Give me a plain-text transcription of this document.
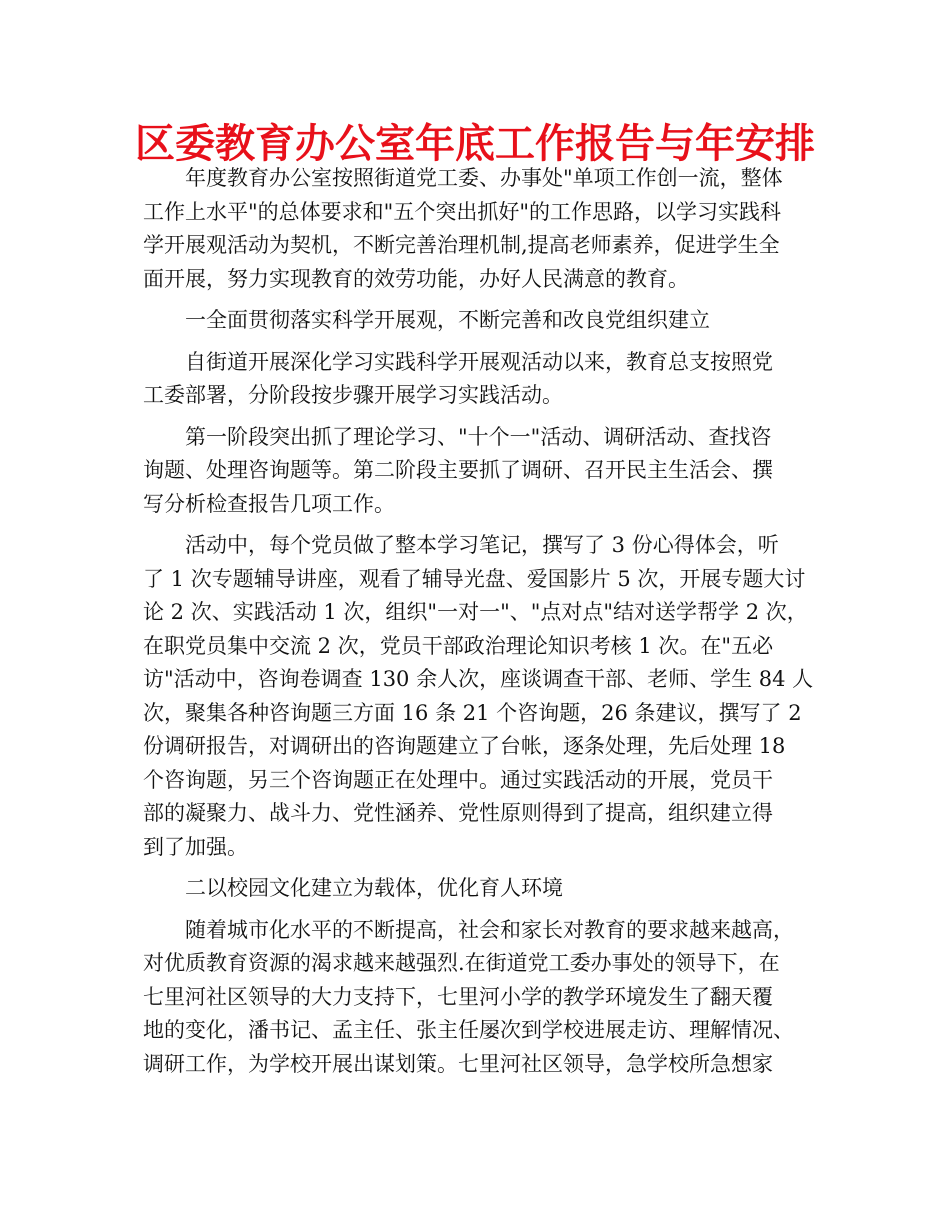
区委教育办公室年底工作报告与年安排
年度教育办公室按照街道党工委、办事处"单项工作创一流，整体
工作上水平"的总体要求和"五个突出抓好"的工作思路，以学习实践科
学开展观活动为契机，不断完善治理机制,提高老师素养，促进学生全
面开展，努力实现教育的效劳功能，办好人民满意的教育。
一全面贯彻落实科学开展观，不断完善和改良党组织建立
自街道开展深化学习实践科学开展观活动以来，教育总支按照党
工委部署，分阶段按步骤开展学习实践活动。
第一阶段突出抓了理论学习、"十个一"活动、调研活动、查找咨
询题、处理咨询题等。第二阶段主要抓了调研、召开民主生活会、撰
写分析检查报告几项工作。
活动中，每个党员做了整本学习笔记，撰写了 3 份心得体会，听
了 1 次专题辅导讲座，观看了辅导光盘、爱国影片 5 次，开展专题大讨
论 2 次、实践活动 1 次，组织"一对一"、"点对点"结对送学帮学 2 次，
在职党员集中交流 2 次，党员干部政治理论知识考核 1 次。在"五必
访"活动中，咨询卷调查 130 余人次，座谈调查干部、老师、学生 84 人
次，聚集各种咨询题三方面 16 条 21 个咨询题，26 条建议，撰写了 2
份调研报告，对调研出的咨询题建立了台帐，逐条处理，先后处理 18
个咨询题，另三个咨询题正在处理中。通过实践活动的开展，党员干
部的凝聚力、战斗力、党性涵养、党性原则得到了提高，组织建立得
到了加强。
二以校园文化建立为载体，优化育人环境
随着城市化水平的不断提高，社会和家长对教育的要求越来越高，
对优质教育资源的渴求越来越强烈.在街道党工委办事处的领导下，在
七里河社区领导的大力支持下，七里河小学的教学环境发生了翻天覆
地的变化，潘书记、孟主任、张主任屡次到学校进展走访、理解情况、
调研工作，为学校开展出谋划策。七里河社区领导，急学校所急想家
